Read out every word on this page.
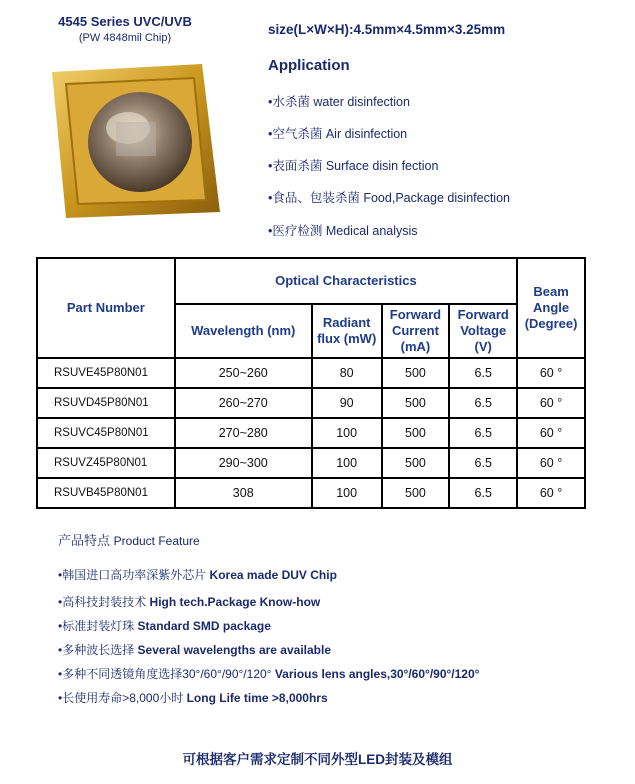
4545 Series UVC/UVB
(PW 4848mil Chip)
size(L×W×H):4.5mm×4.5mm×3.25mm
Application
•水杀菌 water disinfection
•空气杀菌 Air disinfection
•表面杀菌 Surface disin fection
•食品、包装杀菌 Food,Package disinfection
•医疗检测 Medical analysis
Part Number	Optical Characteristics				Beam Angle (Degree)
	Wavelength (nm)	Radiant flux (mW)	Forward Current (mA)	Forward Voltage (V)	
RSUVE45P80N01	250~260	80	500	6.5	60 °
RSUVD45P80N01	260~270	90	500	6.5	60 °
RSUVC45P80N01	270~280	100	500	6.5	60 °
RSUVZ45P80N01	290~300	100	500	6.5	60 °
RSUVB45P80N01	308	100	500	6.5	60 °
产品特点 Product Feature
•韩国进口高功率深紫外芯片 Korea made DUV Chip
•高科技封装技术 High tech.Package Know-how
•标准封装灯珠 Standard SMD package
•多种波长选择 Several wavelengths are available
•多种不同透镜角度选择30°/60°/90°/120° Various lens angles,30°/60°/90°/120°
•长使用寿命>8,000小时 Long Life time >8,000hrs
可根据客户需求定制不同外型LED封装及模组
